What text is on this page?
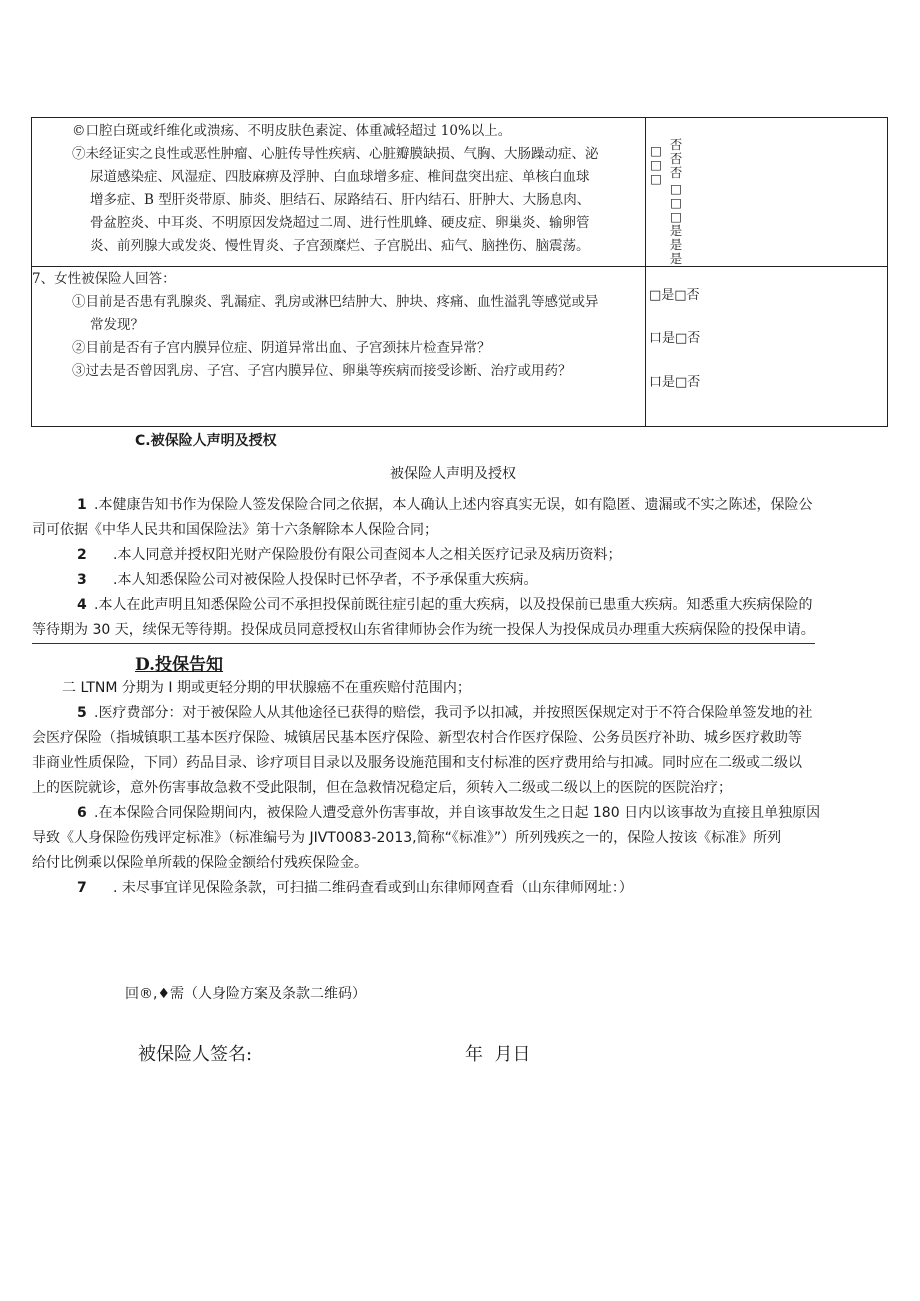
©口腔白斑或纤维化或溃疡、不明皮肤色素淀、体重减轻超过 10%以上。
⑦未经证实之良性或恶性肿瘤、心脏传导性疾病、心脏瓣膜缺损、气胸、大肠躁动症、泌
尿道感染症、风湿症、四肢麻痹及浮肿、白血球增多症、椎间盘突出症、单核白血球
增多症、B 型肝炎带原、肺炎、胆结石、尿路结石、肝内结石、肝肿大、大肠息肉、
骨盆腔炎、中耳炎、不明原因发烧超过二周、进行性肌蜂、硬皮症、卵巢炎、输卵管
炎、前列腺大或发炎、慢性胃炎、子宫颈糜烂、子宫脱出、疝气、脑挫伤、脑震荡。
□□□
否否否
□□□
是是是
7、女性被保险人回答：
①目前是否患有乳腺炎、乳漏症、乳房或淋巴结肿大、肿块、疼痛、血性溢乳等感觉或异
常发现？
②目前是否有子宫内膜异位症、阴道异常出血、子宫颈抹片检查异常？
③过去是否曾因乳房、子宫、子宫内膜异位、卵巢等疾病而接受诊断、治疗或用药？
□是□否
口是□否
口是□否
C.被保险人声明及授权
被保险人声明及授权
1 .本健康告知书作为保险人签发保险合同之依据，本人确认上述内容真实无误，如有隐匿、遗漏或不实之陈述，保险公
司可依据《中华人民共和国保险法》第十六条解除本人保险合同；
2 .本人同意并授权阳光财产保险股份有限公司查阅本人之相关医疗记录及病历资料；
3 .本人知悉保险公司对被保险人投保时已怀孕者，不予承保重大疾病。
4 .本人在此声明且知悉保险公司不承担投保前既往症引起的重大疾病，以及投保前已患重大疾病。知悉重大疾病保险的
等待期为 30 天，续保无等待期。投保成员同意授权山东省律师协会作为统一投保人为投保成员办理重大疾病保险的投保申请。
D.投保告知
二 LTNM 分期为 I 期或更轻分期的甲状腺癌不在重疾赔付范围内；
5 .医疗费部分：对于被保险人从其他途径已获得的赔偿，我司予以扣减，并按照医保规定对于不符合保险单签发地的社
会医疗保险（指城镇职工基本医疗保险、城镇居民基本医疗保险、新型农村合作医疗保险、公务员医疗补助、城乡医疗救助等
非商业性质保险，下同）药品目录、诊疗项目目录以及服务设施范围和支付标准的医疗费用给与扣减。同时应在二级或二级以
上的医院就诊，意外伤害事故急救不受此限制，但在急救情况稳定后，须转入二级或二级以上的医院的医院治疗；
6 .在本保险合同保险期间内，被保险人遭受意外伤害事故，并自该事故发生之日起 180 日内以该事故为直接且单独原因
导致《人身保险伤残评定标准》（标准编号为 JIVT0083-2013,简称“《标准》”）所列残疾之一的，保险人按该《标准》所列
给付比例乘以保险单所载的保险金额给付残疾保险金。
7 . 未尽事宜详见保险条款，可扫描二维码查看或到山东律师网查看（山东律师网址：）
回®,♦需（人身险方案及条款二维码）
被保险人签名:	年  月日
